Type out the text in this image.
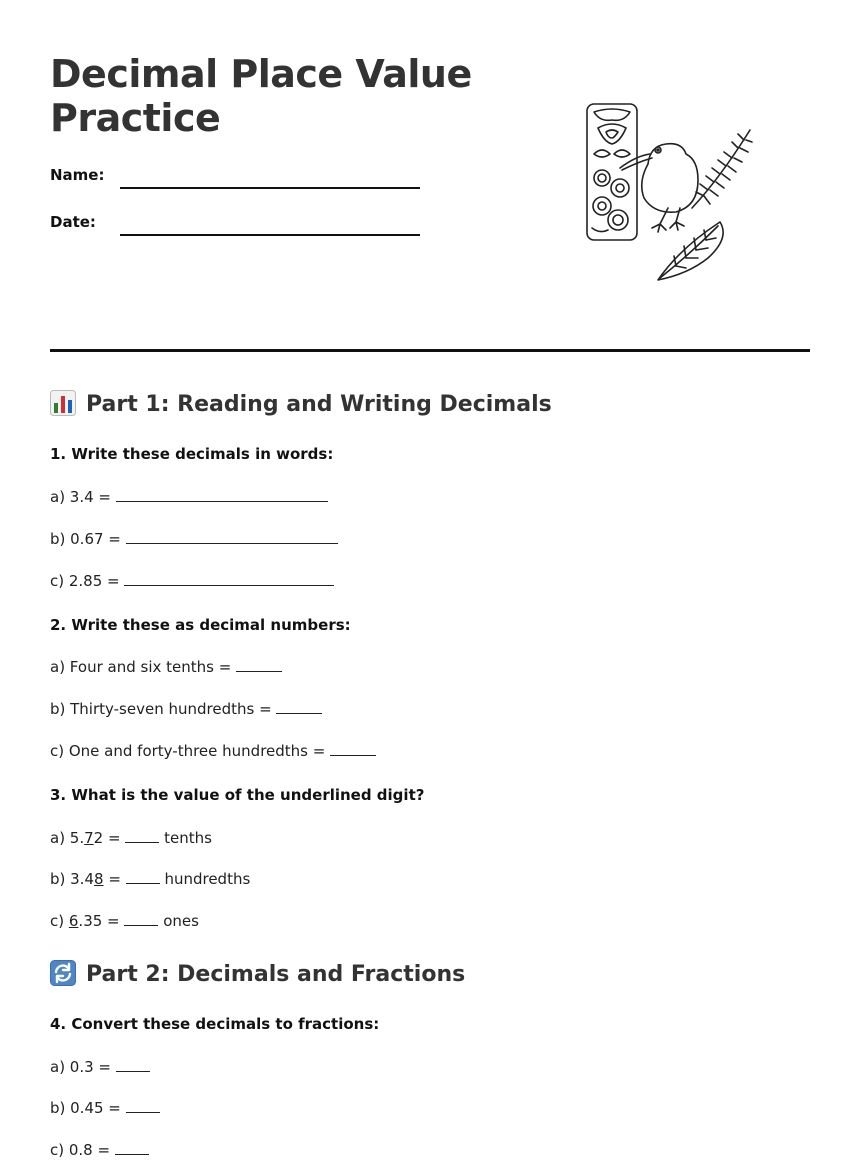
Decimal Place Value Practice
Name:
Date:
Part 1: Reading and Writing Decimals

1. Write these decimals in words:

a) 3.4 =

b) 0.67 =

c) 2.85 =

2. Write these as decimal numbers:

a) Four and six tenths =

b) Thirty-seven hundredths =

c) One and forty-three hundredths =

3. What is the value of the underlined digit?

a) 5.72 =	tenths

b) 3.48 =	hundredths

c) 6.35 =	ones

Part 2: Decimals and Fractions

4. Convert these decimals to fractions:

a) 0.3 =

b) 0.45 =

c) 0.8 =
